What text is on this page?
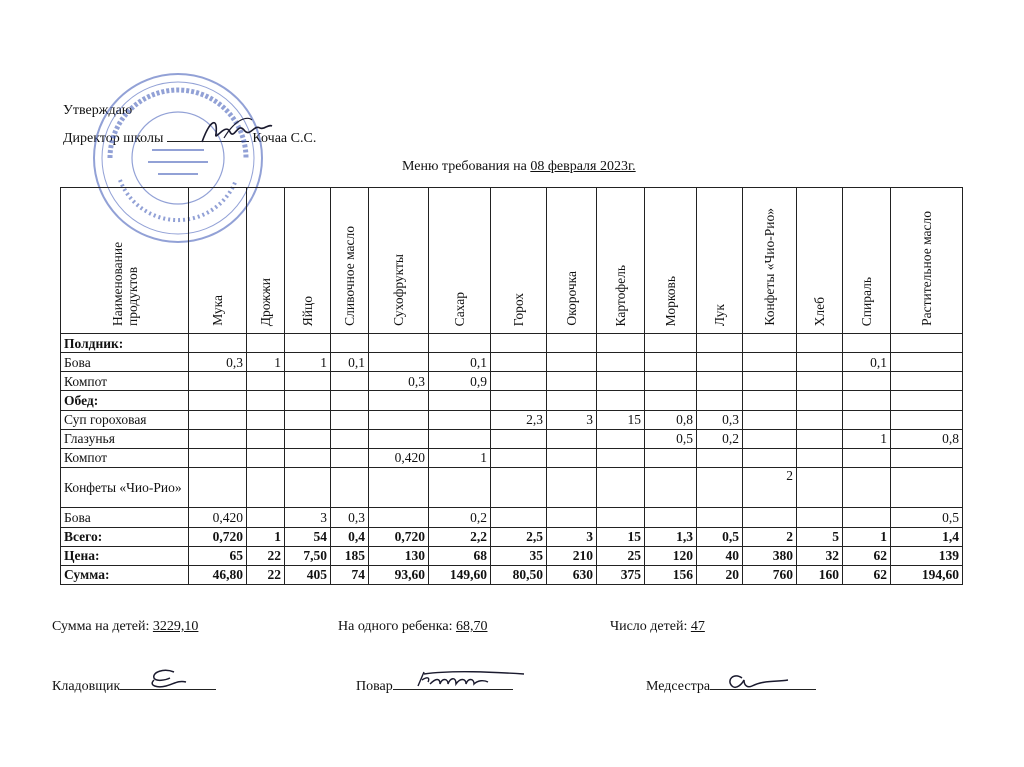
Утверждаю
Директор школы	Кочаа С.С.
Меню требования на 08 февраля 2023г.
Наименование продуктов	Мука	Дрожжи	Яйцо	Сливочное масло	Сухофрукты	Сахар	Горох	Окорочка	Картофель	Морковь	Лук	Конфеты «Чио-Рио»	Хлеб	Спираль	Растительное масло
Полдник:															
Бова	0,3	1	1	0,1		0,1								0,1	
Компот					0,3	0,9									
Обед:															
Суп гороховая							2,3	3	15	0,8	0,3				
Глазунья										0,5	0,2			1	0,8
Компот					0,420	1									
Конфеты «Чио-Рио»												2			
Бова	0,420		3	0,3		0,2									0,5
Всего:	0,720	1	54	0,4	0,720	2,2	2,5	3	15	1,3	0,5	2	5	1	1,4
Цена:	65	22	7,50	185	130	68	35	210	25	120	40	380	32	62	139
Сумма:	46,80	22	405	74	93,60	149,60	80,50	630	375	156	20	760	160	62	194,60
Сумма на детей: 3229,10	На одного ребенка: 68,70	Число детей: 47
Кладовщик	Повар	Медсестра
